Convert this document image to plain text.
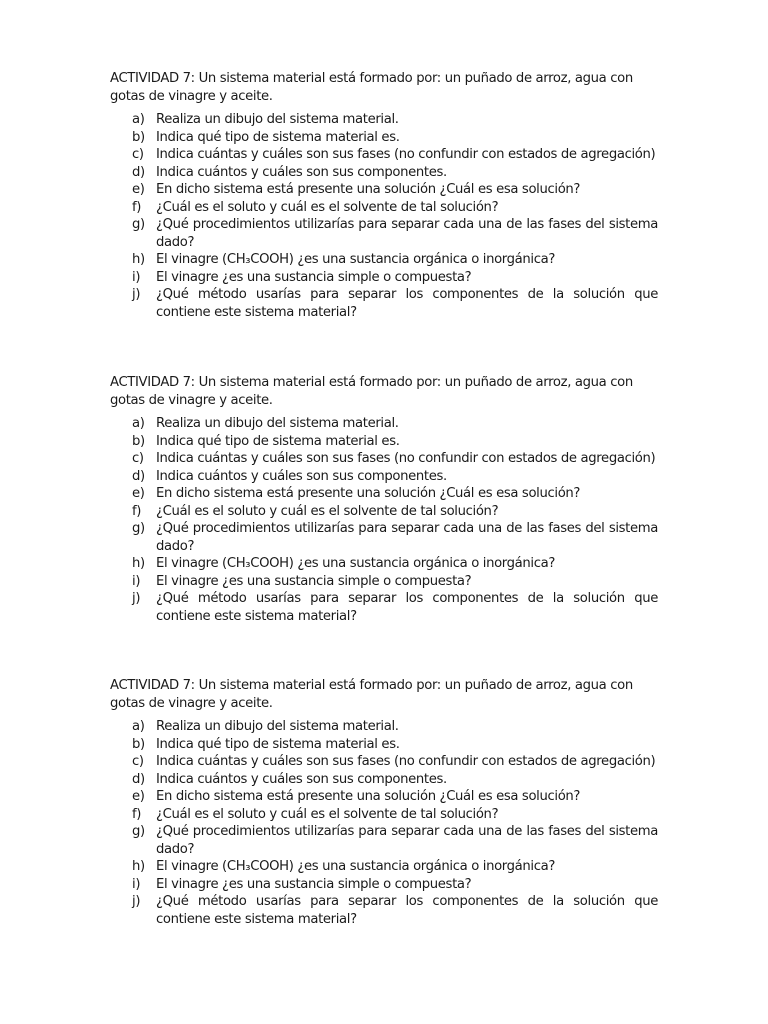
ACTIVIDAD 7: Un sistema material está formado por: un puñado de arroz, agua con gotas de vinagre y aceite.

a) Realiza un dibujo del sistema material.
b) Indica qué tipo de sistema material es.
c) Indica cuántas y cuáles son sus fases (no confundir con estados de agregación)
d) Indica cuántos y cuáles son sus componentes.
e) En dicho sistema está presente una solución ¿Cuál es esa solución?
f) ¿Cuál es el soluto y cuál es el solvente de tal solución?
g) ¿Qué procedimientos utilizarías para separar cada una de las fases del sistema dado?
h) El vinagre (CH₃COOH) ¿es una sustancia orgánica o inorgánica?
i) El vinagre ¿es una sustancia simple o compuesta?
j) ¿Qué método usarías para separar los componentes de la solución que contiene este sistema material?

ACTIVIDAD 7: Un sistema material está formado por: un puñado de arroz, agua con gotas de vinagre y aceite.

a) Realiza un dibujo del sistema material.
b) Indica qué tipo de sistema material es.
c) Indica cuántas y cuáles son sus fases (no confundir con estados de agregación)
d) Indica cuántos y cuáles son sus componentes.
e) En dicho sistema está presente una solución ¿Cuál es esa solución?
f) ¿Cuál es el soluto y cuál es el solvente de tal solución?
g) ¿Qué procedimientos utilizarías para separar cada una de las fases del sistema dado?
h) El vinagre (CH₃COOH) ¿es una sustancia orgánica o inorgánica?
i) El vinagre ¿es una sustancia simple o compuesta?
j) ¿Qué método usarías para separar los componentes de la solución que contiene este sistema material?

ACTIVIDAD 7: Un sistema material está formado por: un puñado de arroz, agua con gotas de vinagre y aceite.

a) Realiza un dibujo del sistema material.
b) Indica qué tipo de sistema material es.
c) Indica cuántas y cuáles son sus fases (no confundir con estados de agregación)
d) Indica cuántos y cuáles son sus componentes.
e) En dicho sistema está presente una solución ¿Cuál es esa solución?
f) ¿Cuál es el soluto y cuál es el solvente de tal solución?
g) ¿Qué procedimientos utilizarías para separar cada una de las fases del sistema dado?
h) El vinagre (CH₃COOH) ¿es una sustancia orgánica o inorgánica?
i) El vinagre ¿es una sustancia simple o compuesta?
j) ¿Qué método usarías para separar los componentes de la solución que contiene este sistema material?
